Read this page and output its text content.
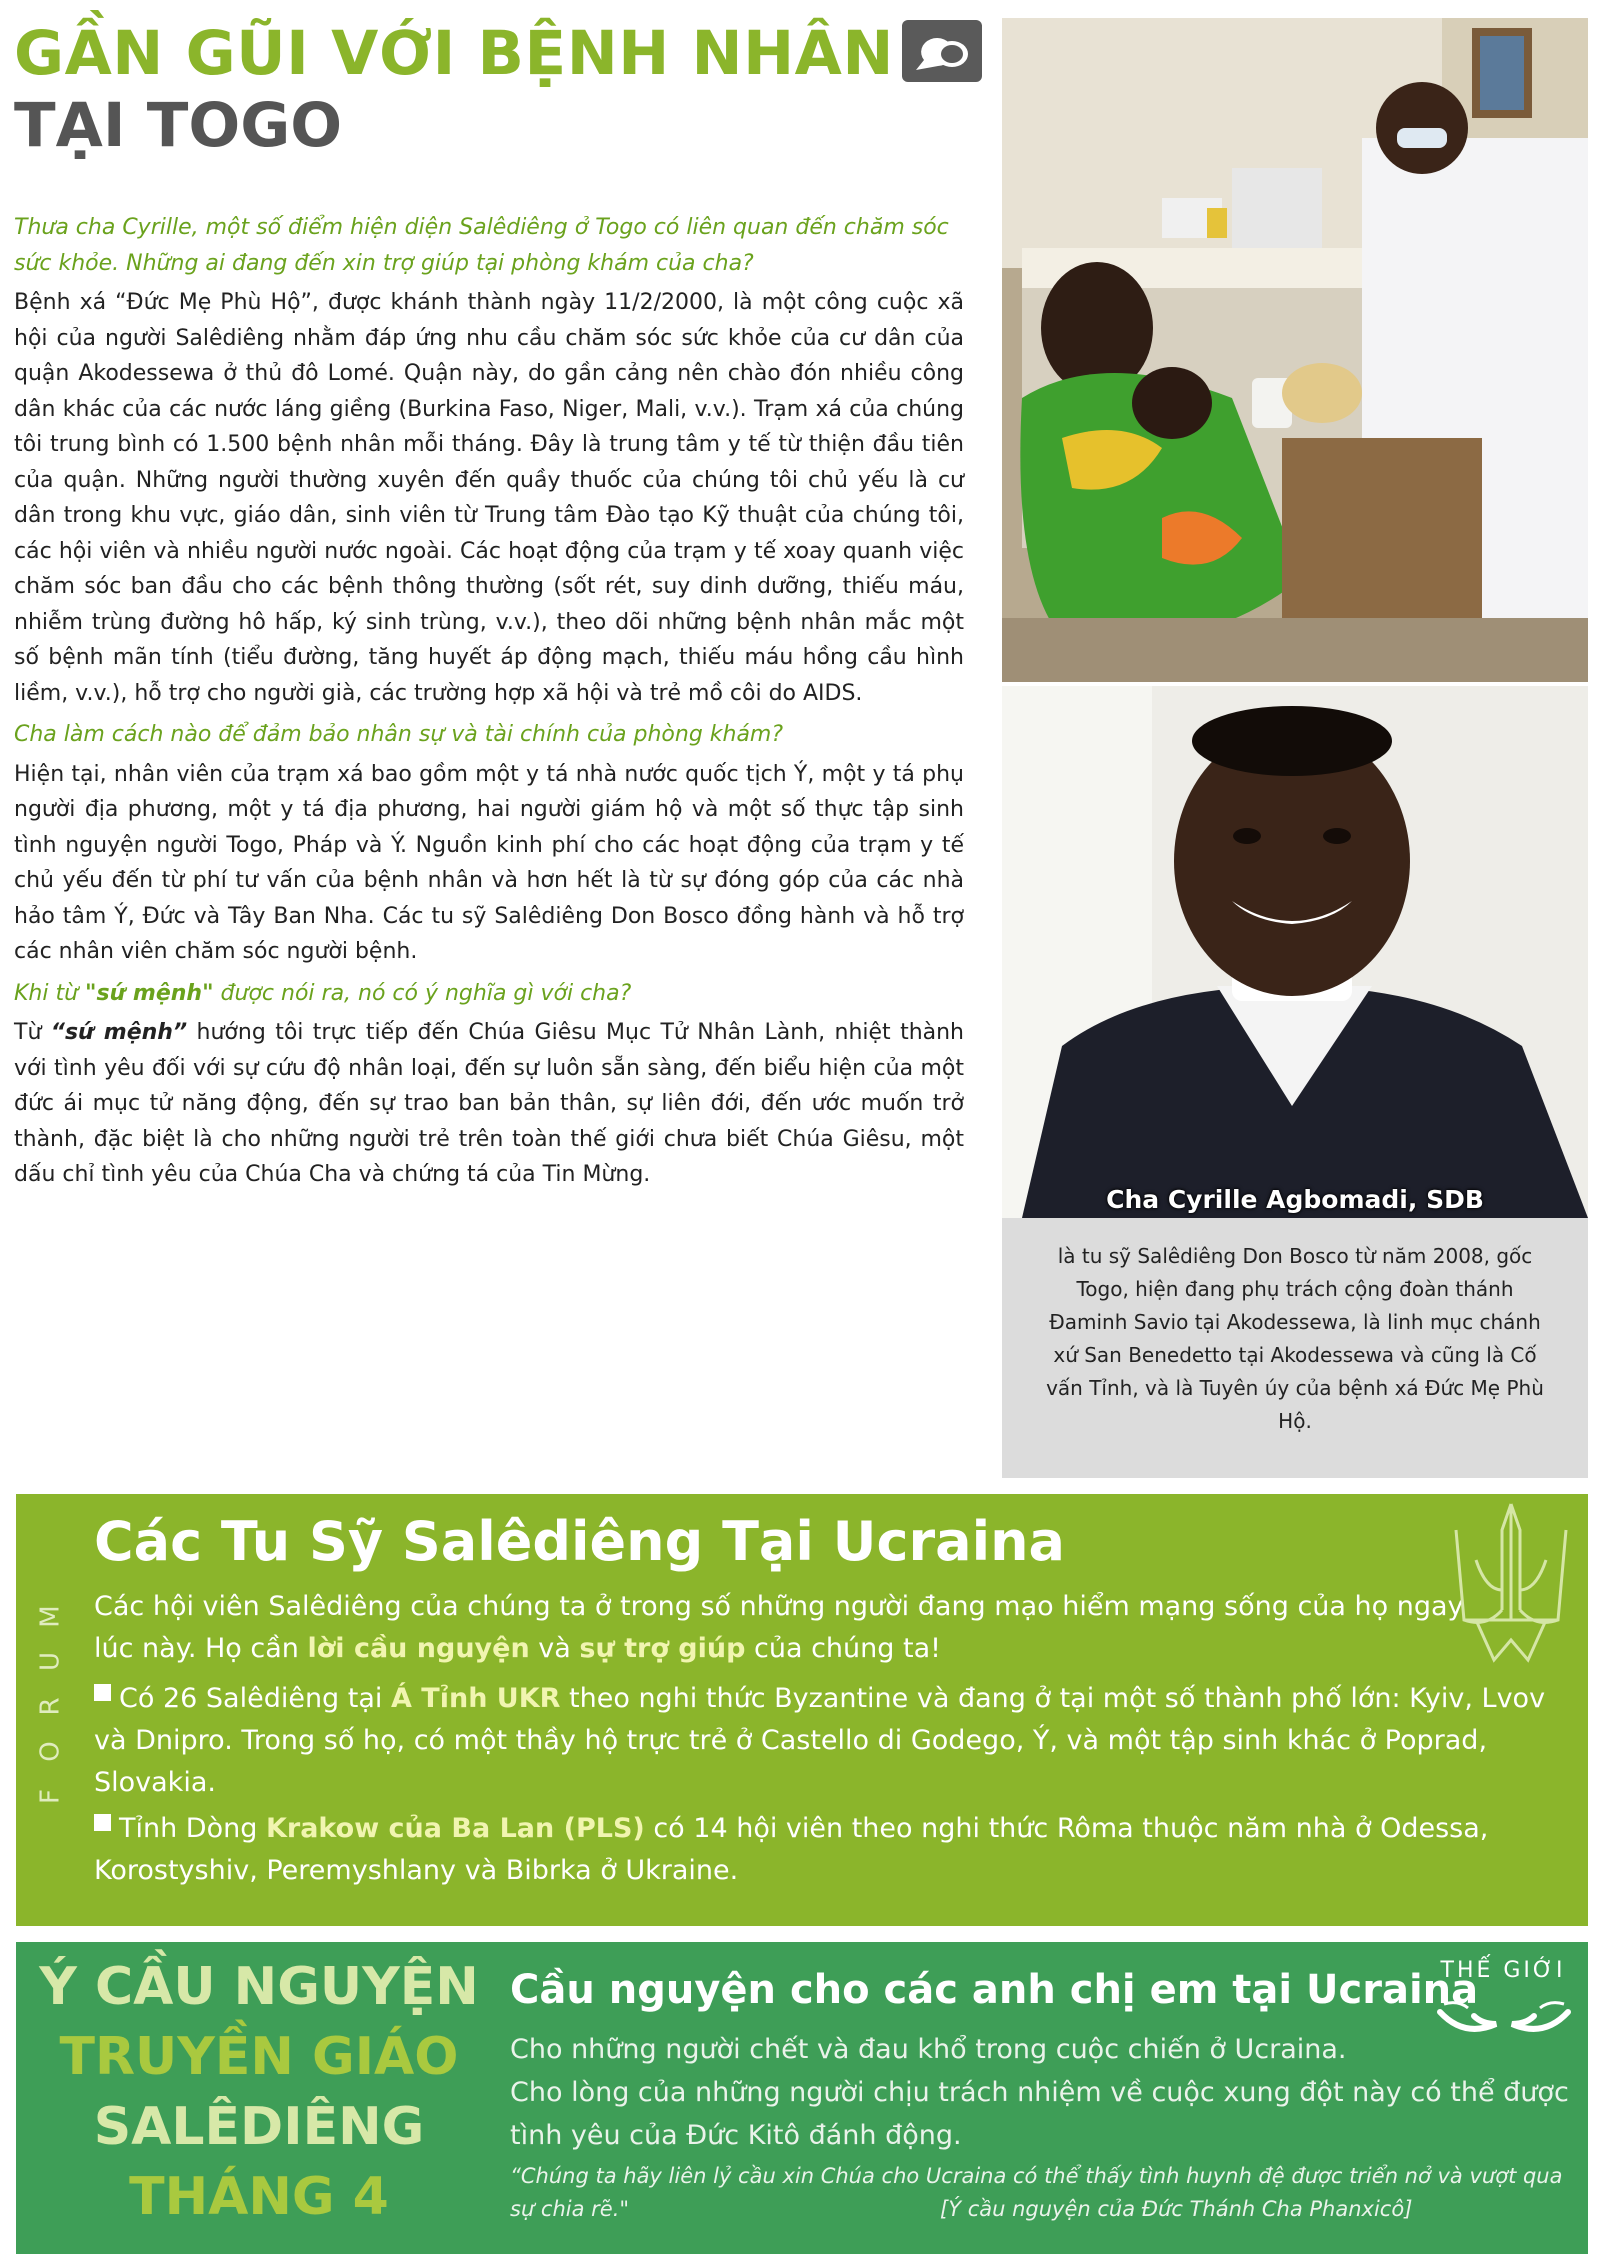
GẦN GŨI VỚI BỆNH NHÂN
TẠI TOGO
Thưa cha Cyrille, một số điểm hiện diện Salêdiêng ở Togo có liên quan đến chăm sóc sức khỏe. Những ai đang đến xin trợ giúp tại phòng khám của cha?
Bệnh xá “Đức Mẹ Phù Hộ”, được khánh thành ngày 11/2/2000, là một công cuộc xã hội của người Salêdiêng nhằm đáp ứng nhu cầu chăm sóc sức khỏe của cư dân của quận Akodessewa ở thủ đô Lomé. Quận này, do gần cảng nên chào đón nhiều công dân khác của các nước láng giềng (Burkina Faso, Niger, Mali, v.v.). Trạm xá của chúng tôi trung bình có 1.500 bệnh nhân mỗi tháng. Đây là trung tâm y tế từ thiện đầu tiên của quận. Những người thường xuyên đến quầy thuốc của chúng tôi chủ yếu là cư dân trong khu vực, giáo dân, sinh viên từ Trung tâm Đào tạo Kỹ thuật của chúng tôi, các hội viên và nhiều người nước ngoài. Các hoạt động của trạm y tế xoay quanh việc chăm sóc ban đầu cho các bệnh thông thường (sốt rét, suy dinh dưỡng, thiếu máu, nhiễm trùng đường hô hấp, ký sinh trùng, v.v.), theo dõi những bệnh nhân mắc một số bệnh mãn tính (tiểu đường, tăng huyết áp động mạch, thiếu máu hồng cầu hình liềm, v.v.), hỗ trợ cho người già, các trường hợp xã hội và trẻ mồ côi do AIDS.
Cha làm cách nào để đảm bảo nhân sự và tài chính của phòng khám?
Hiện tại, nhân viên của trạm xá bao gồm một y tá nhà nước quốc tịch Ý, một y tá phụ người địa phương, một y tá địa phương, hai người giám hộ và một số thực tập sinh tình nguyện người Togo, Pháp và Ý. Nguồn kinh phí cho các hoạt động của trạm y tế chủ yếu đến từ phí tư vấn của bệnh nhân và hơn hết là từ sự đóng góp của các nhà hảo tâm Ý, Đức và Tây Ban Nha. Các tu sỹ Salêdiêng Don Bosco đồng hành và hỗ trợ các nhân viên chăm sóc người bệnh.
Khi từ "sứ mệnh" được nói ra, nó có ý nghĩa gì với cha?
Từ “sứ mệnh” hướng tôi trực tiếp đến Chúa Giêsu Mục Tử Nhân Lành, nhiệt thành với tình yêu đối với sự cứu độ nhân loại, đến sự luôn sẵn sàng, đến biểu hiện của một đức ái mục tử năng động, đến sự trao ban bản thân, sự liên đới, đến ước muốn trở thành, đặc biệt là cho những người trẻ trên toàn thế giới chưa biết Chúa Giêsu, một dấu chỉ tình yêu của Chúa Cha và chứng tá của Tin Mừng.
Cha Cyrille Agbomadi, SDB
là tu sỹ Salêdiêng Don Bosco từ năm 2008, gốc Togo, hiện đang phụ trách cộng đoàn thánh Đaminh Savio tại Akodessewa, là linh mục chánh xứ San Benedetto tại Akodessewa và cũng là Cố vấn Tỉnh, và là Tuyên úy của bệnh xá Đức Mẹ Phù Hộ.
M
U
R
O
F
Các Tu Sỹ Salêdiêng Tại Ucraina
Các hội viên Salêdiêng của chúng ta ở trong số những người đang mạo hiểm mạng sống của họ ngay lúc này. Họ cần lời cầu nguyện và sự trợ giúp của chúng ta!
Có 26 Salêdiêng tại Á Tỉnh UKR theo nghi thức Byzantine và đang ở tại một số thành phố lớn: Kyiv, Lvov và Dnipro. Trong số họ, có một thầy hộ trực trẻ ở Castello di Godego, Ý, và một tập sinh khác ở Poprad, Slovakia.
Tỉnh Dòng Krakow của Ba Lan (PLS) có 14 hội viên theo nghi thức Rôma thuộc năm nhà ở Odessa, Korostyshiv, Peremyshlany và Bibrka ở Ukraine.
Ý CẦU NGUYỆN
TRUYỀN GIÁO
SALÊDIÊNG
THÁNG 4
Cầu nguyện cho các anh chị em tại Ucraina
Cho những người chết và đau khổ trong cuộc chiến ở Ucraina.
Cho lòng của những người chịu trách nhiệm về cuộc xung đột này có thể được tình yêu của Đức Kitô đánh động.
“Chúng ta hãy liên lỷ cầu xin Chúa cho Ucraina có thể thấy tình huynh đệ được triển nở và vượt qua sự chia rẽ."	[Ý cầu nguyện của Đức Thánh Cha Phanxicô]
THẾ GIỚI
